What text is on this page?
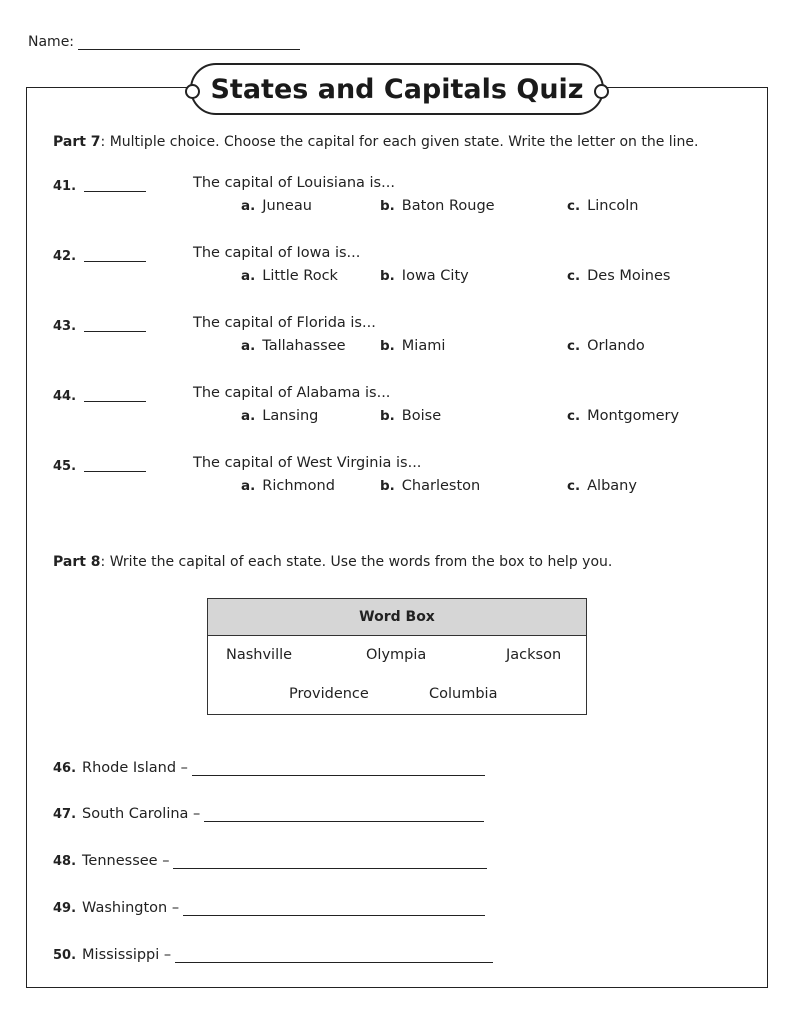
Name:
States and Capitals Quiz
Part 7: Multiple choice. Choose the capital for each given state. Write the letter on the line.
41.	The capital of Louisiana is...
a. Juneau	b. Baton Rouge	c. Lincoln
42.	The capital of Iowa is...
a. Little Rock	b. Iowa City	c. Des Moines
43.	The capital of Florida is...
a. Tallahassee	b. Miami	c. Orlando
44.	The capital of Alabama is...
a. Lansing	b. Boise	c. Montgomery
45.	The capital of West Virginia is...
a. Richmond	b. Charleston	c. Albany
Part 8: Write the capital of each state. Use the words from the box to help you.
Word Box
Nashville	Olympia	Jackson
Providence	Columbia
46. Rhode Island –
47. South Carolina –
48. Tennessee –
49. Washington –
50. Mississippi –
